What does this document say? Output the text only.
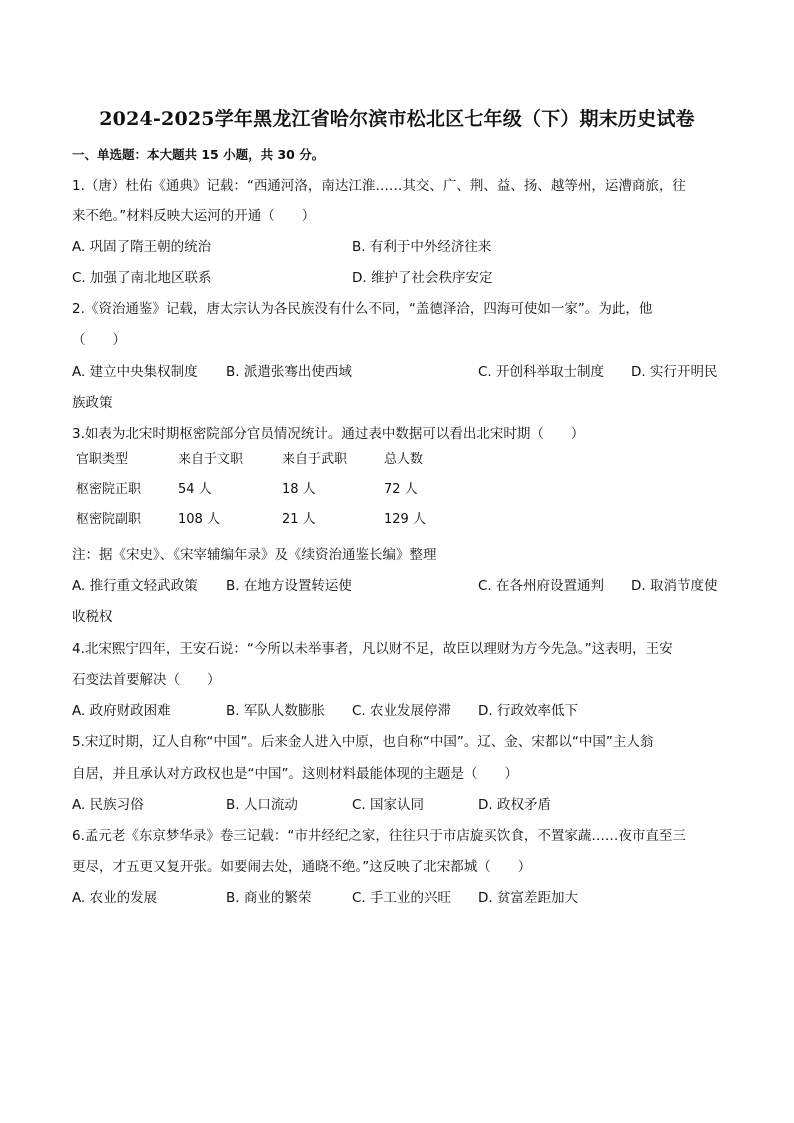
2024-2025学年黑龙江省哈尔滨市松北区七年级（下）期末历史试卷
一、单选题：本大题共 15 小题，共 30 分。
1.（唐）杜佑《通典》记载：“西通河洛，南达江淮……其交、广、荆、益、扬、越等州，运漕商旅，往
来不绝。”材料反映大运河的开通（　　）
A. 巩固了隋王朝的统治	B. 有利于中外经济往来
C. 加强了南北地区联系	D. 维护了社会秩序安定
2.《资治通鉴》记载，唐太宗认为各民族没有什么不同，“盖德泽洽，四海可使如一家”。为此，他
（　　）
A. 建立中央集权制度 B. 派遣张骞出使西域	C. 开创科举取士制度 D. 实行开明民
族政策
3.如表为北宋时期枢密院部分官员情况统计。通过表中数据可以看出北宋时期（　　）
官职类型	来自于文职	来自于武职	总人数
枢密院正职	54 人	18 人	72 人
枢密院副职	108 人	21 人	129 人
注：据《宋史》、《宋宰辅编年录》及《续资治通鉴长编》整理
A. 推行重文轻武政策 B. 在地方设置转运使	C. 在各州府设置通判 D. 取消节度使
收税权
4.北宋熙宁四年，王安石说：“今所以未举事者，凡以财不足，故臣以理财为方今先急。”这表明，王安
石变法首要解决（　　）
A. 政府财政困难	B. 军队人数膨胀 C. 农业发展停滞 D. 行政效率低下
5.宋辽时期，辽人自称“中国”。后来金人进入中原，也自称“中国”。辽、金、宋都以“中国”主人翁
自居，并且承认对方政权也是“中国”。这则材料最能体现的主题是（　　）
A. 民族习俗	B. 人口流动	C. 国家认同	D. 政权矛盾
6.孟元老《东京梦华录》卷三记载：“市井经纪之家，往往只于市店旋买饮食，不置家蔬……夜市直至三
更尽，才五更又复开张。如要闹去处，通晓不绝。”这反映了北宋都城（　　）
A. 农业的发展	B. 商业的繁荣	C. 手工业的兴旺 D. 贫富差距加大
